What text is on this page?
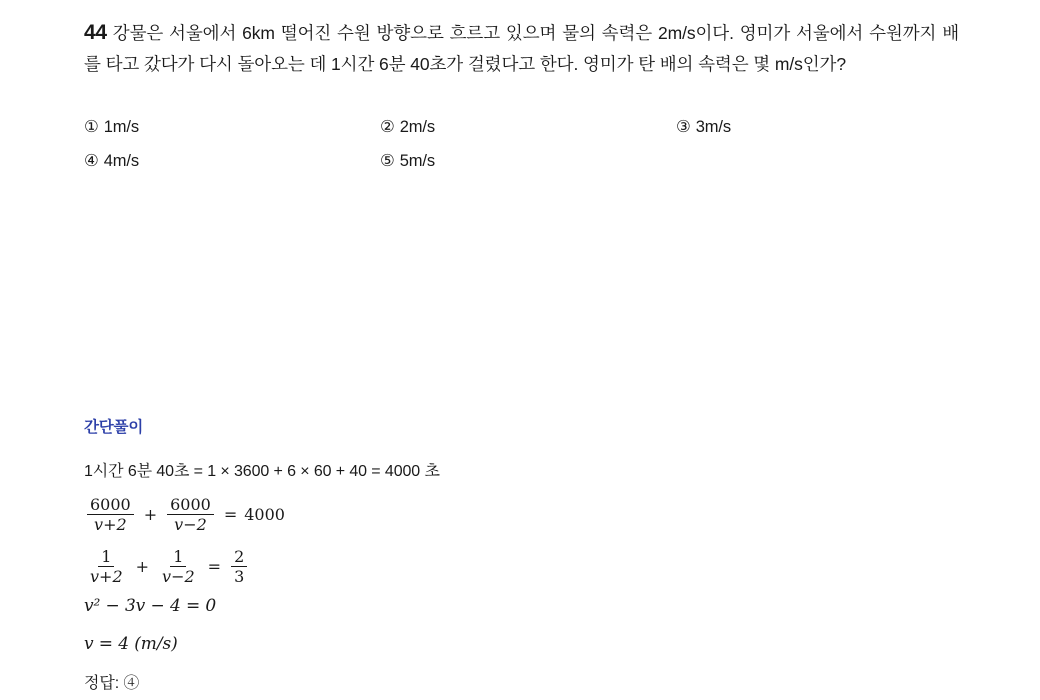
44 강물은 서울에서 6km 떨어진 수원 방향으로 흐르고 있으며 물의 속력은 2m/s이다. 영미가 서울에서 수원까지 배를 타고 갔다가 다시 돌아오는 데 1시간 6분 40초가 걸렸다고 한다. 영미가 탄 배의 속력은 몇 m/s인가?
① 1m/s	② 2m/s	③ 3m/s
④ 4m/s	⑤ 5m/s
간단풀이
1시간 6분 40초 = 1 × 3600 + 6 × 60 + 40 = 4000 초
$\frac{6000}{v+2} + \frac{6000}{v-2} = 4000$
$\frac{1}{v+2} + \frac{1}{v-2} = \frac{2}{3}$
v² − 3v − 4 = 0
v = 4 (m/s)
정답: ④
